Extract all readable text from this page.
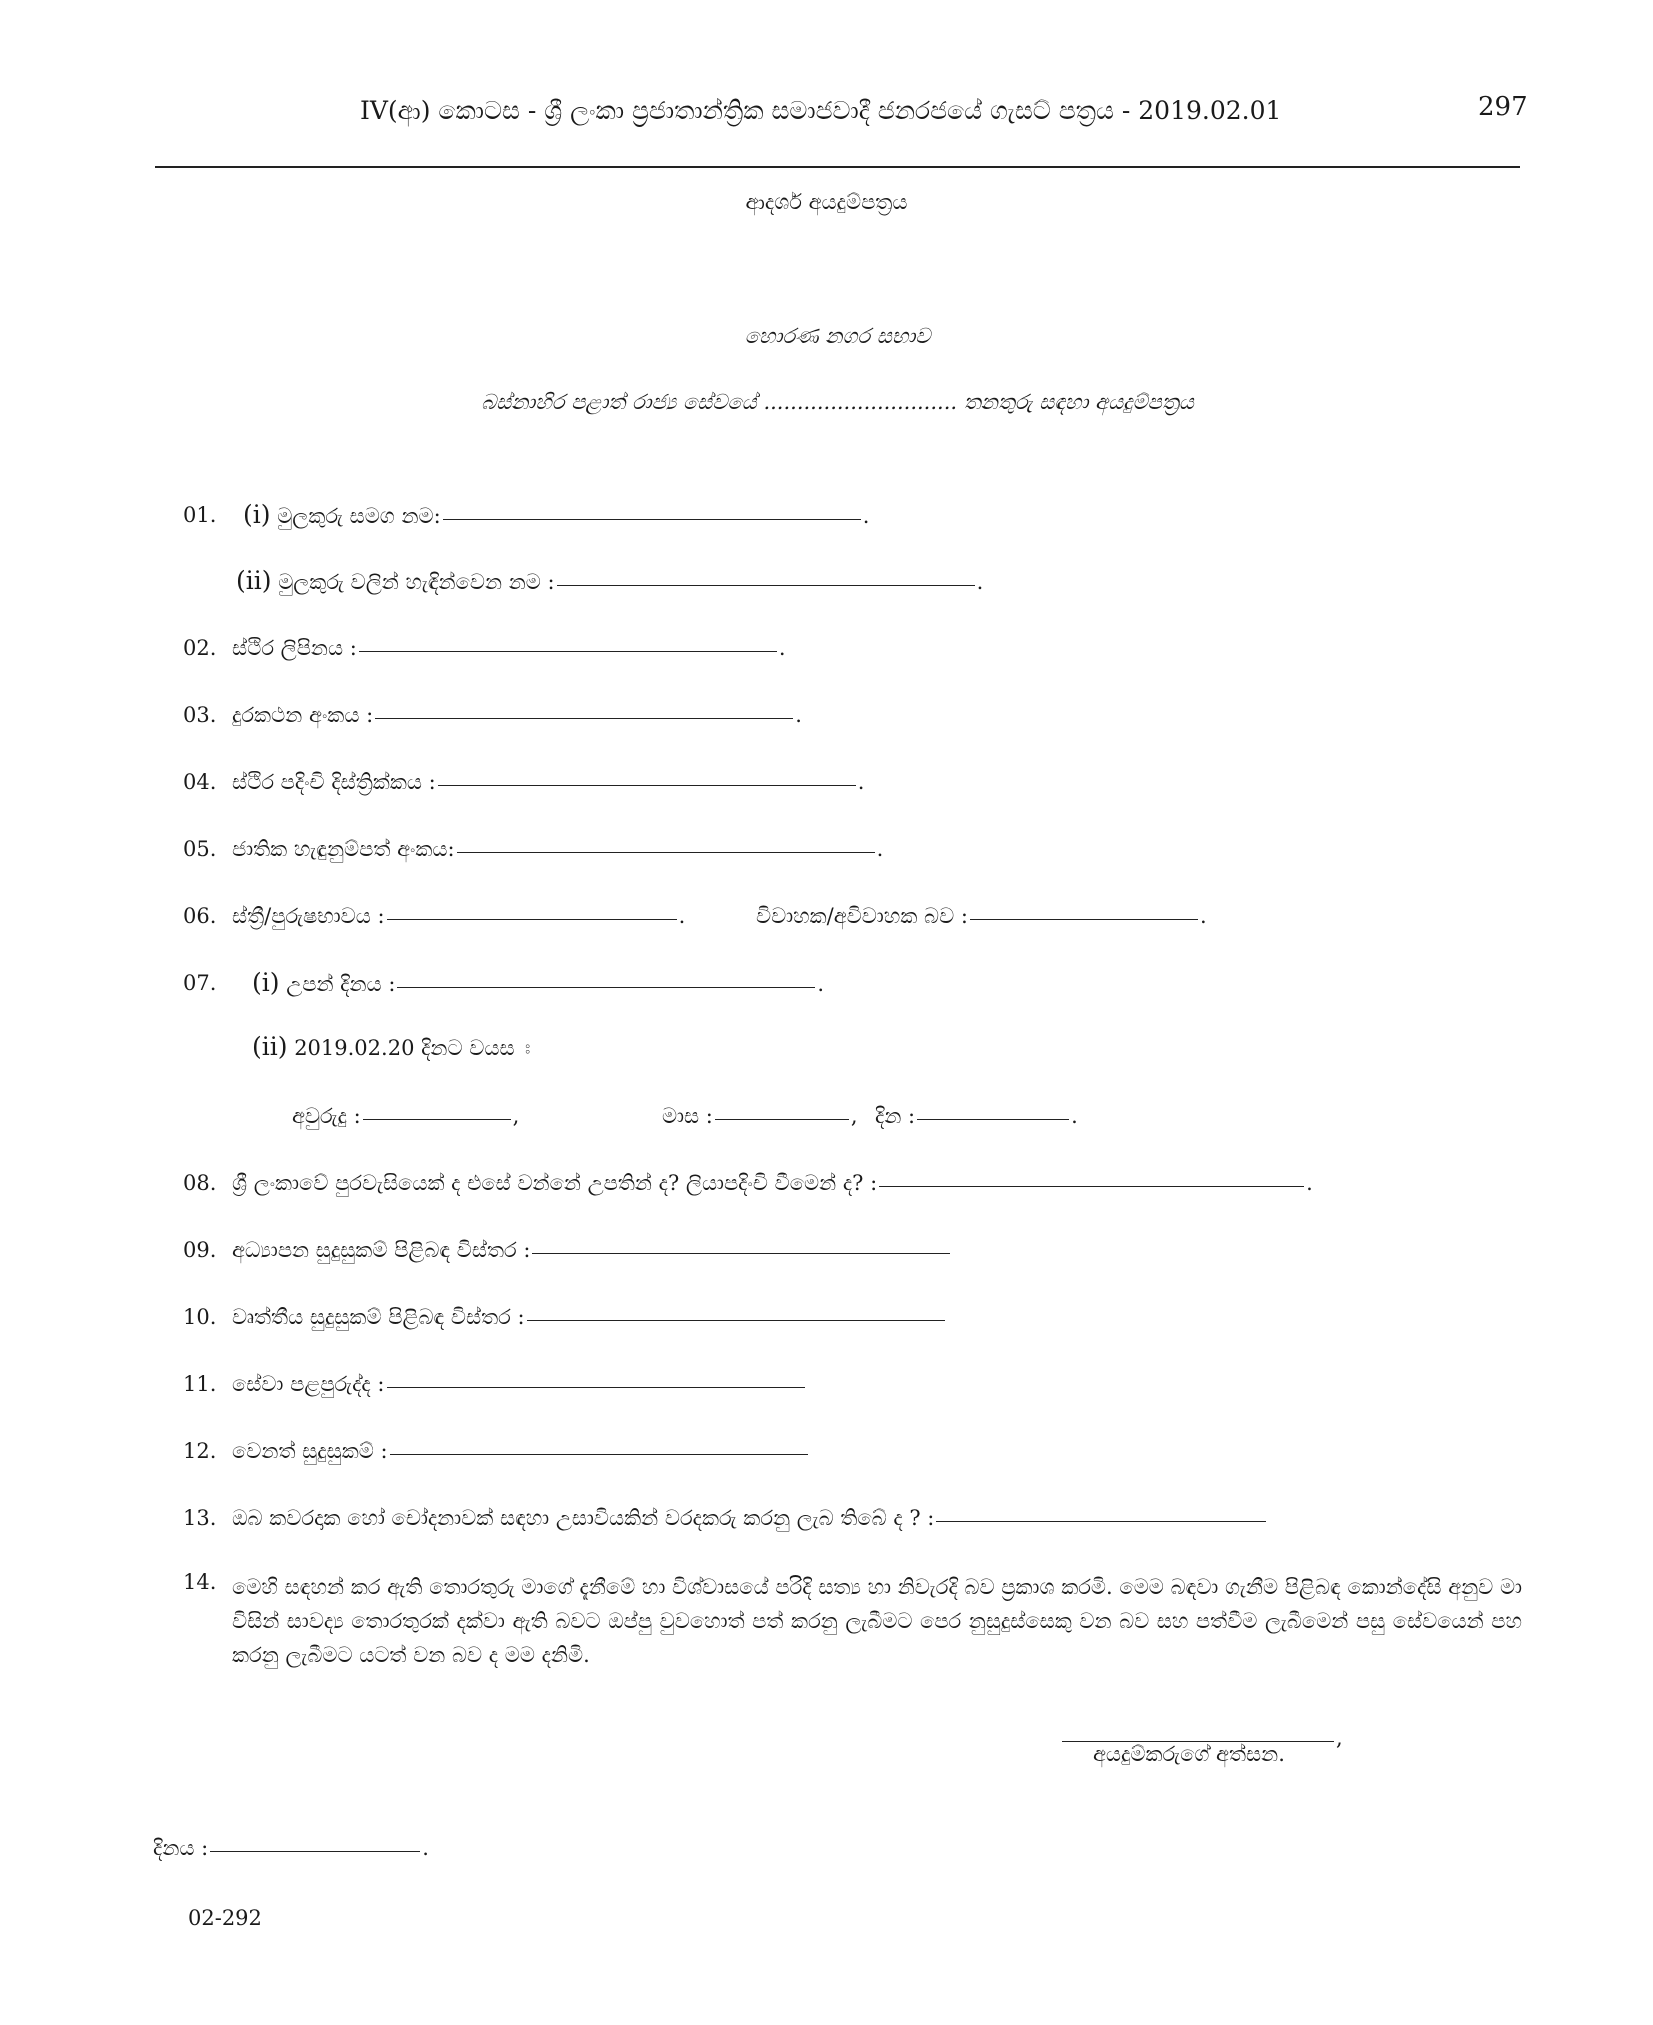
IV(ආ) කොටස - ශ්‍රී ලංකා ප්‍රජාතාන්ත්‍රික සමාජවාදී ජනරජයේ ගැසට් පත්‍රය - 2019.02.01	297
ආදර්ශ අයදුම්පත්‍රය
හොරණ නගර සභාව
බස්නාහිර පළාත් රාජ්‍ය සේවයේ ............................. තනතුරු සඳහා අයදුම්පත්‍රය
01. (i) මුලකුරු සමග නම:	.
(ii) මුලකුරු වලින් හැඳින්වෙන නම :	.
02. ස්ථිර ලිපිනය :	.
03. දුරකථන අංකය :	.
04. ස්ථිර පදිංචි දිස්ත්‍රික්කය :	.
05. ජාතික හැඳුනුම්පත් අංකය:	.
06. ස්ත්‍රී/පුරුෂභාවය :	.	විවාහක/අවිවාහක බව :	.
07. (i) උපන් දිනය :	.
(ii) 2019.02.20 දිනට වයස ඃ
අවුරුදු :	,	මාස :	, දින :	.
08. ශ්‍රී ලංකාවේ පුරවැසියෙක් ද එසේ වන්නේ උපතින් ද? ලියාපදිංචි වීමෙන් ද? :	.
09. අධ්‍යාපන සුදුසුකම් පිළිබඳ විස්තර :
10. වෘත්තීය සුදුසුකම් පිළිබඳ විස්තර :
11. සේවා පළපුරුද්ද :
12. වෙනත් සුදුසුකම් :
13. ඔබ කවරදාක හෝ චෝදනාවක් සඳහා උසාවියකින් වරදකරු කරනු ලැබ තිබේ ද ? :
14. මෙහි සඳහන් කර ඇති තොරතුරු මාගේ දැනීමේ හා විශ්වාසයේ පරිදි සත්‍ය හා නිවැරදි බව ප්‍රකාශ කරමි. මෙම බඳවා ගැනීම පිළිබඳ කොන්දේසි අනුව මා විසින් සාවද්‍ය තොරතුරක් දක්වා ඇති බවට ඔප්පු වුවහොත් පත් කරනු ලැබීමට පෙර නුසුදුස්සෙකු වන බව සහ පත්වීම ලැබීමෙන් පසු සේවයෙන් පහ කරනු ලැබීමට යටත් වන බව ද මම දනිමි.
,
අයදුම්කරුගේ අත්සන.
දිනය :	.
02-292
